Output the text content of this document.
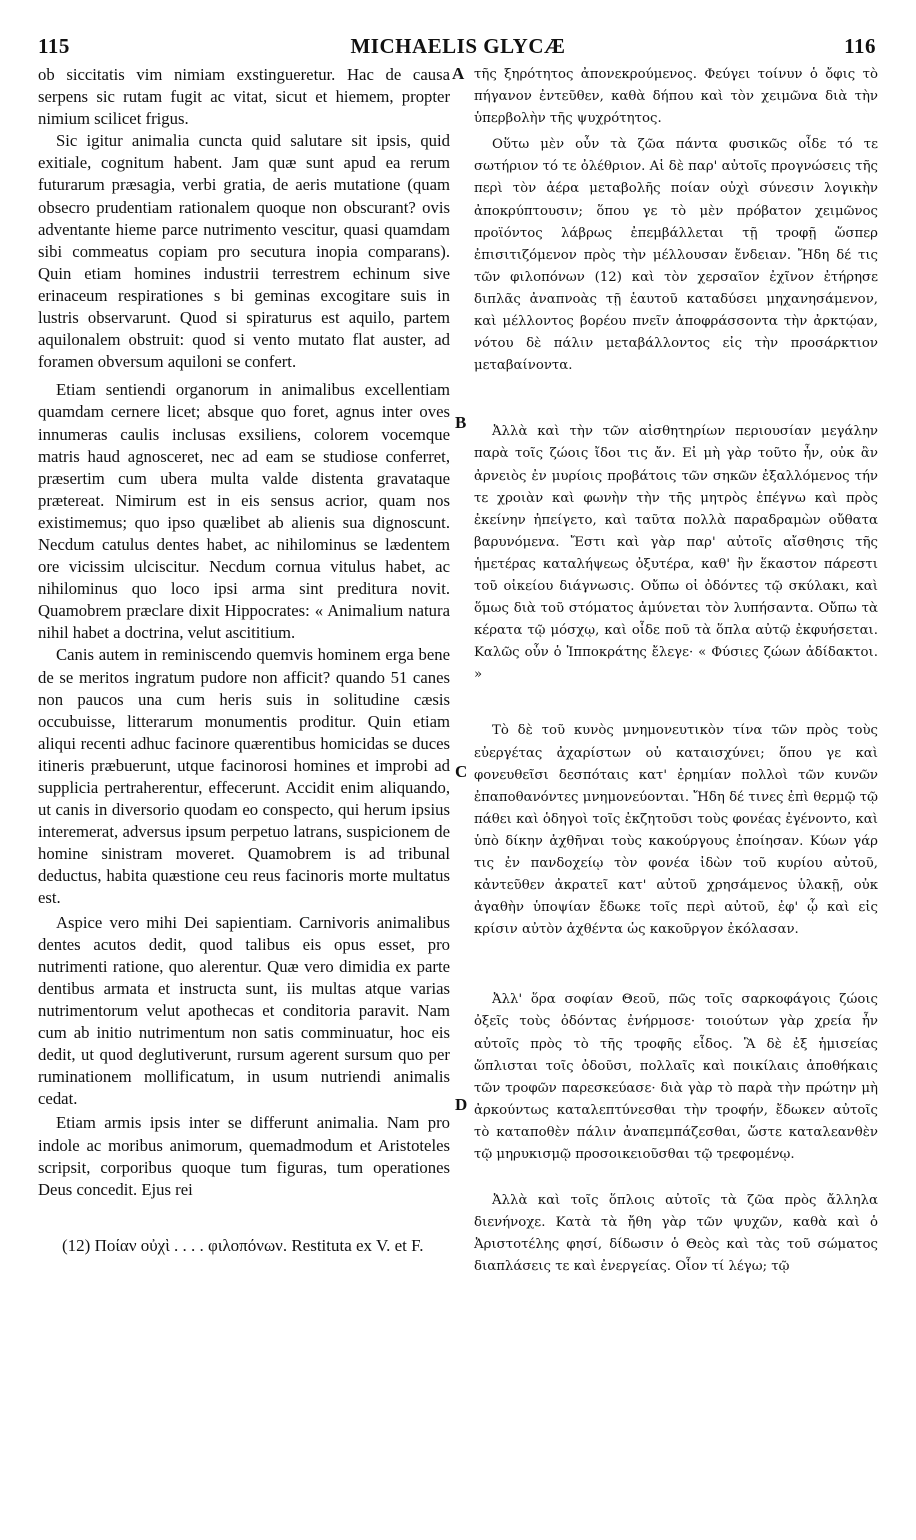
115	MICHAELIS GLYCÆ	116
A
B
C
D

ob siccitatis vim nimiam exstingueretur. Hac de causa serpens sic rutam fugit ac vitat, sicut et hiemem, propter nimium scilicet frigus.

Sic igitur animalia cuncta quid salutare sit ipsis, quid exitiale, cognitum habent. Jam quæ sunt apud ea rerum futurarum præsagia, verbi gratia, de aeris mutatione (quam obsecro prudentiam rationalem quoque non obscurant? ovis adventante hieme parce nutrimento vescitur, quasi quamdam sibi commeatus copiam pro secutura inopia comparans). Quin etiam homines industrii terrestrem echinum sive erinaceum respirationes s bi geminas excogitare suis in lustris observarunt. Quod si spiraturus est aquilo, partem aquilonalem obstruit: quod si vento mutato flat auster, ad foramen obversum aquiloni se confert.

Etiam sentiendi organorum in animalibus excellentiam quamdam cernere licet; absque quo foret, agnus inter oves innumeras caulis inclusas exsiliens, colorem vocemque matris haud agnosceret, nec ad eam se studiose conferret, præsertim cum ubera multa valde distenta gravataque prætereat. Nimirum est in eis sensus acrior, quam nos existimemus; quo ipso quælibet ab alienis sua dignoscunt. Necdum catulus dentes habet, ac nihilominus se lædentem ore vicissim ulciscitur. Necdum cornua vitulus habet, ac nihilominus quo loco ipsi arma sint preditura novit. Quamobrem præclare dixit Hippocrates: « Animalium natura nihil habet a doctrina, velut ascititium.

Canis autem in reminiscendo quemvis hominem erga bene de se meritos ingratum pudore non afficit? quando 51 canes non paucos una cum heris suis in solitudine cæsis occubuisse, litterarum monumentis proditur. Quin etiam aliqui recenti adhuc facinore quærentibus homicidas se duces itineris præbuerunt, utque facinorosi homines et improbi ad supplicia pertraherentur, effecerunt. Accidit enim aliquando, ut canis in diversorio quodam eo conspecto, qui herum ipsius interemerat, adversus ipsum perpetuo latrans, suspicionem de homine sinistram moveret. Quamobrem is ad tribunal deductus, habita quæstione ceu reus facinoris morte multatus est.

Aspice vero mihi Dei sapientiam. Carnivoris animalibus dentes acutos dedit, quod talibus eis opus esset, pro nutrimenti ratione, quo alerentur. Quæ vero dimidia ex parte dentibus armata et instructa sunt, iis multas atque varias nutrimentorum velut apothecas et conditoria paravit. Nam cum ab initio nutrimentum non satis comminuatur, hoc eis dedit, ut quod deglutiverunt, rursum agerent sursum quo per ruminationem mollificatum, in usum nutriendi animalis cedat.

Etiam armis ipsis inter se differunt animalia. Nam pro indole ac moribus animorum, quemadmodum et Aristoteles scripsit, corporibus quoque tum figuras, tum operationes Deus concedit. Ejus rei

τῆς ξηρότητος ἀπονεκρούμενος. Φεύγει τοίνυν ὁ ὄφις τὸ πήγανον ἐντεῦθεν, καθὰ δήπου καὶ τὸν χειμῶνα διὰ τὴν ὑπερβολὴν τῆς ψυχρότητος.

Οὕτω μὲν οὖν τὰ ζῶα πάντα φυσικῶς οἶδε τό τε σωτήριον τό τε ὀλέθριον. Αἱ δὲ παρ' αὐτοῖς προγνώσεις τῆς περὶ τὸν ἀέρα μεταβολῆς ποίαν οὐχὶ σύνεσιν λογικὴν ἀποκρύπτουσιν; ὅπου γε τὸ μὲν πρόβατον χειμῶνος προϊόντος λάβρως ἐπεμβάλλεται τῇ τροφῇ ὥσπερ ἐπισιτιζόμενον πρὸς τὴν μέλλουσαν ἔνδειαν. Ἤδη δέ τις τῶν φιλοπόνων (12) καὶ τὸν χερσαῖον ἐχῖνον ἐτήρησε διπλᾶς ἀναπνοὰς τῇ ἑαυτοῦ καταδύσει μηχανησάμενον, καὶ μέλλοντος βορέου πνεῖν ἀποφράσσοντα τὴν ἀρκτῴαν, νότου δὲ πάλιν μεταβάλλοντος εἰς τὴν προσάρκτιον μεταβαίνοντα.

Ἀλλὰ καὶ τὴν τῶν αἰσθητηρίων περιουσίαν μεγάλην παρὰ τοῖς ζώοις ἴδοι τις ἄν. Εἰ μὴ γὰρ τοῦτο ἦν, οὐκ ἂν ἀρνειὸς ἐν μυρίοις προβάτοις τῶν σηκῶν ἐξαλλόμενος τήν τε χροιὰν καὶ φωνὴν τὴν τῆς μητρὸς ἐπέγνω καὶ πρὸς ἐκείνην ἠπείγετο, καὶ ταῦτα πολλὰ παραδραμὼν οὔθατα βαρυνόμενα. Ἔστι καὶ γὰρ παρ' αὐτοῖς αἴσθησις τῆς ἡμετέρας καταλήψεως ὀξυτέρα, καθ' ἣν ἕκαστον πάρεστι τοῦ οἰκείου διάγνωσις. Οὔπω οἱ ὀδόντες τῷ σκύλακι, καὶ ὅμως διὰ τοῦ στόματος ἀμύνεται τὸν λυπήσαντα. Οὔπω τὰ κέρατα τῷ μόσχῳ, καὶ οἶδε ποῦ τὰ ὅπλα αὐτῷ ἐκφυήσεται. Καλῶς οὖν ὁ Ἱπποκράτης ἔλεγε· « Φύσιες ζώων ἀδίδακτοι. »

Τὸ δὲ τοῦ κυνὸς μνημονευτικὸν τίνα τῶν πρὸς τοὺς εὐεργέτας ἀχαρίστων οὐ καταισχύνει; ὅπου γε καὶ φονευθεῖσι δεσπόταις κατ' ἐρημίαν πολλοὶ τῶν κυνῶν ἐπαποθανόντες μνημονεύονται. Ἤδη δέ τινες ἐπὶ θερμῷ τῷ πάθει καὶ ὁδηγοὶ τοῖς ἐκζητοῦσι τοὺς φονέας ἐγένοντο, καὶ ὑπὸ δίκην ἀχθῆναι τοὺς κακούργους ἐποίησαν. Κύων γάρ τις ἐν πανδοχείῳ τὸν φονέα ἰδὼν τοῦ κυρίου αὐτοῦ, κἀντεῦθεν ἀκρατεῖ κατ' αὐτοῦ χρησάμενος ὑλακῇ, οὐκ ἀγαθὴν ὑποψίαν ἔδωκε τοῖς περὶ αὐτοῦ, ἐφ' ᾧ καὶ εἰς κρίσιν αὐτὸν ἀχθέντα ὡς κακοῦργον ἐκόλασαν.

Ἀλλ' ὅρα σοφίαν Θεοῦ, πῶς τοῖς σαρκοφάγοις ζώοις ὀξεῖς τοὺς ὀδόντας ἐνήρμοσε· τοιούτων γὰρ χρεία ἦν αὐτοῖς πρὸς τὸ τῆς τροφῆς εἶδος. Ἃ δὲ ἐξ ἡμισείας ὥπλισται τοῖς ὀδοῦσι, πολλαῖς καὶ ποικίλαις ἀποθήκαις τῶν τροφῶν παρεσκεύασε· διὰ γὰρ τὸ παρὰ τὴν πρώτην μὴ ἀρκούντως καταλεπτύνεσθαι τὴν τροφήν, ἔδωκεν αὐτοῖς τὸ καταποθὲν πάλιν ἀναπεμπάζεσθαι, ὥστε καταλεανθὲν τῷ μηρυκισμῷ προσοικειοῦσθαι τῷ τρεφομένῳ.

Ἀλλὰ καὶ τοῖς ὅπλοις αὐτοῖς τὰ ζῶα πρὸς ἄλληλα διενήνοχε. Κατὰ τὰ ἤθη γὰρ τῶν ψυχῶν, καθὰ καὶ ὁ Ἀριστοτέλης φησί, δίδωσιν ὁ Θεὸς καὶ τὰς τοῦ σώματος διαπλάσεις τε καὶ ἐνεργείας. Οἷον τί λέγω; τῷ

(12) Ποίαν οὐχὶ . . . . φιλοπόνων. Restituta ex V. et F.
